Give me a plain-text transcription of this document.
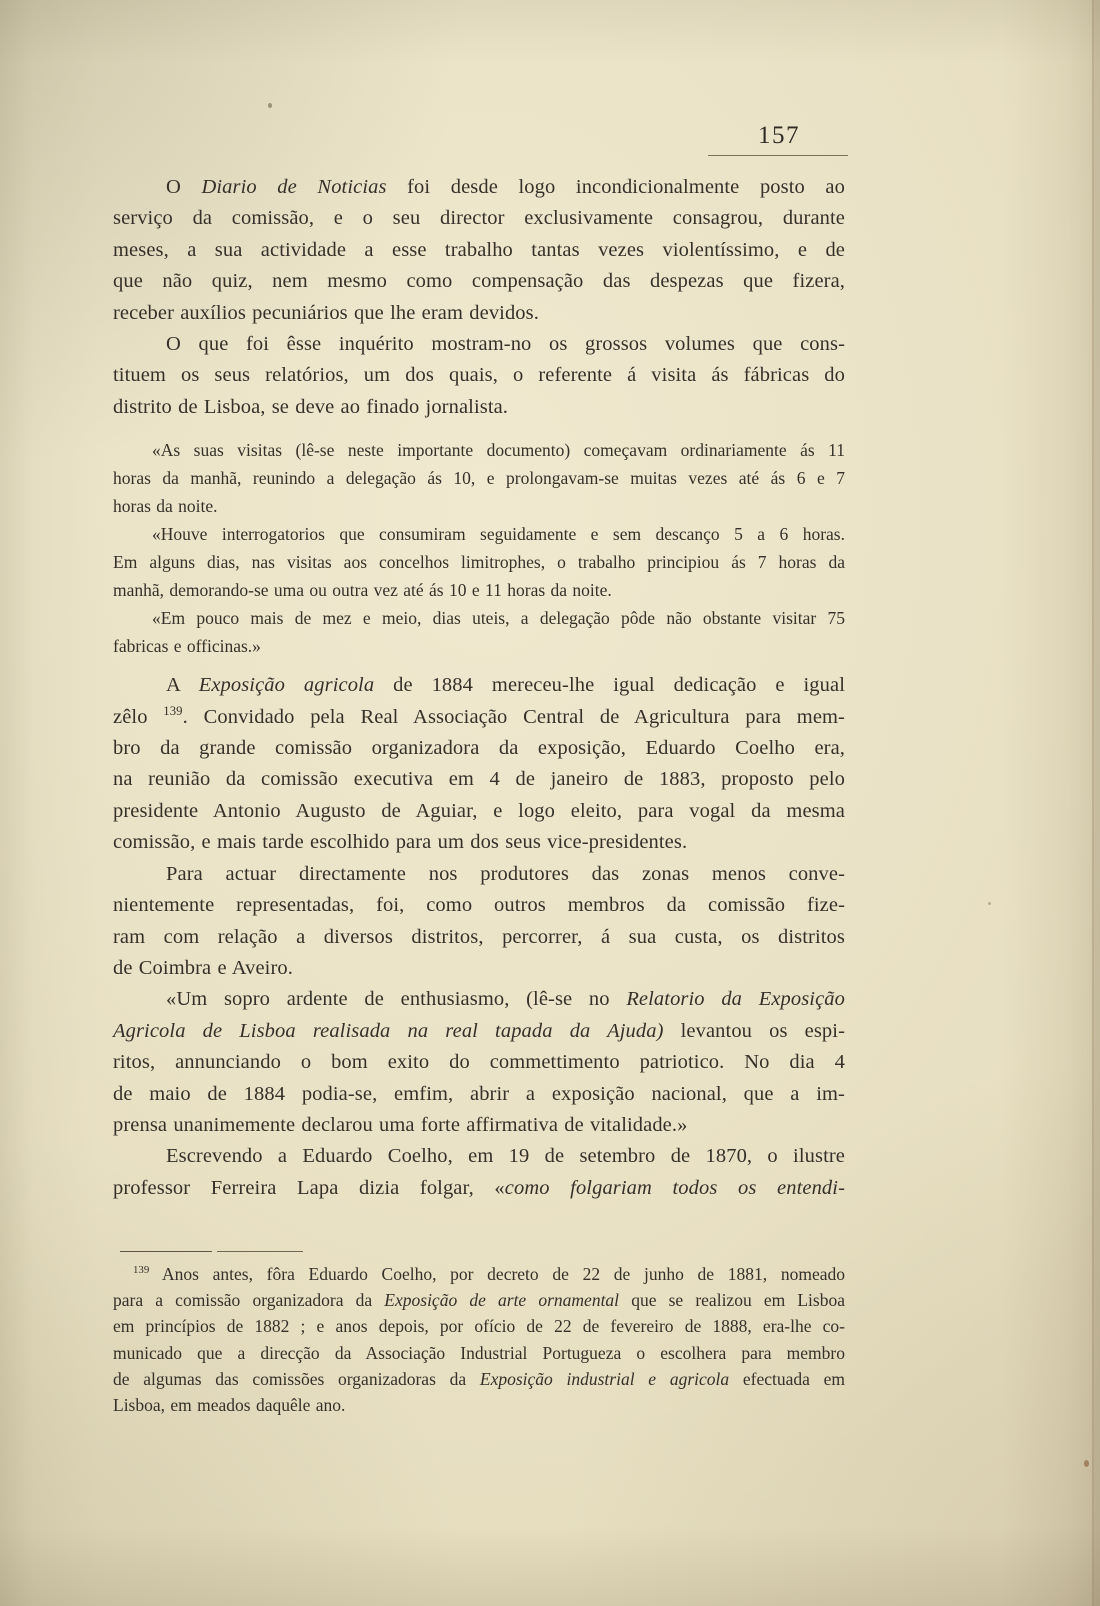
157
O Diario de Noticias foi desde logo incondicionalmente posto ao
serviço da comissão, e o seu director exclusivamente consagrou, durante
meses, a sua actividade a esse trabalho tantas vezes violentíssimo, e de
que não quiz, nem mesmo como compensação das despezas que fizera,
receber auxílios pecuniários que lhe eram devidos.
O que foi êsse inquérito mostram-no os grossos volumes que cons-
tituem os seus relatórios, um dos quais, o referente á visita ás fábricas do
distrito de Lisboa, se deve ao finado jornalista.
«As suas visitas (lê-se neste importante documento) começavam ordinariamente ás 11
horas da manhã, reunindo a delegação ás 10, e prolongavam-se muitas vezes até ás 6 e 7
horas da noite.
«Houve interrogatorios que consumiram seguidamente e sem descanço 5 a 6 horas.
Em alguns dias, nas visitas aos concelhos limitrophes, o trabalho principiou ás 7 horas da
manhã, demorando-se uma ou outra vez até ás 10 e 11 horas da noite.
«Em pouco mais de mez e meio, dias uteis, a delegação pôde não obstante visitar 75
fabricas e officinas.»
A Exposição agricola de 1884 mereceu-lhe igual dedicação e igual
zêlo $^{139}$. Convidado pela Real Associação Central de Agricultura para mem-
bro da grande comissão organizadora da exposição, Eduardo Coelho era,
na reunião da comissão executiva em 4 de janeiro de 1883, proposto pelo
presidente Antonio Augusto de Aguiar, e logo eleito, para vogal da mesma
comissão, e mais tarde escolhido para um dos seus vice-presidentes.
Para actuar directamente nos produtores das zonas menos conve-
nientemente representadas, foi, como outros membros da comissão fize-
ram com relação a diversos distritos, percorrer, á sua custa, os distritos
de Coimbra e Aveiro.
«Um sopro ardente de enthusiasmo, (lê-se no Relatorio da Exposição
Agricola de Lisboa realisada na real tapada da Ajuda) levantou os espi-
ritos, annunciando o bom exito do commettimento patriotico. No dia 4
de maio de 1884 podia-se, emfim, abrir a exposição nacional, que a im-
prensa unanimemente declarou uma forte affirmativa de vitalidade.»
Escrevendo a Eduardo Coelho, em 19 de setembro de 1870, o ilustre
professor Ferreira Lapa dizia folgar, «como folgariam todos os entendi-
$^{139}$ Anos antes, fôra Eduardo Coelho, por decreto de 22 de junho de 1881, nomeado
para a comissão organizadora da Exposição de arte ornamental que se realizou em Lisboa
em princípios de 1882 ; e anos depois, por ofício de 22 de fevereiro de 1888, era-lhe co-
municado que a direcção da Associação Industrial Portugueza o escolhera para membro
de algumas das comissões organizadoras da Exposição industrial e agricola efectuada em
Lisboa, em meados daquêle ano.
